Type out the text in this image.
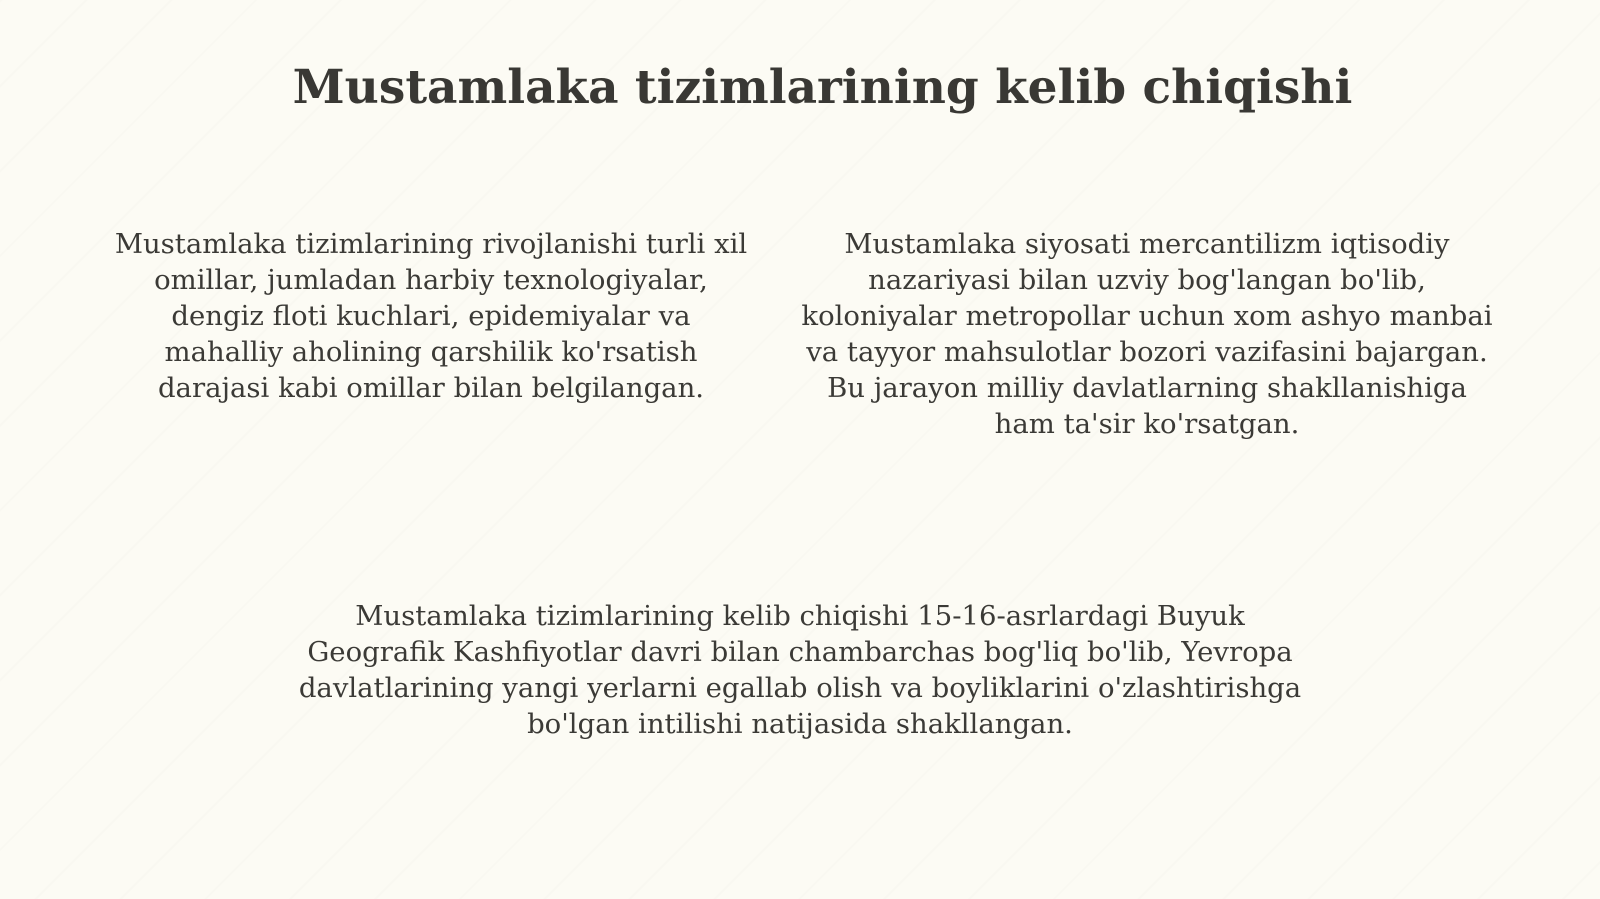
Mustamlaka tizimlarining kelib chiqishi

Mustamlaka tizimlarining rivojlanishi turli xil omillar, jumladan harbiy texnologiyalar, dengiz floti kuchlari, epidemiyalar va mahalliy aholining qarshilik ko'rsatish darajasi kabi omillar bilan belgilangan.

Mustamlaka siyosati mercantilizm iqtisodiy nazariyasi bilan uzviy bog'langan bo'lib, koloniyalar metropollar uchun xom ashyo manbai va tayyor mahsulotlar bozori vazifasini bajargan. Bu jarayon milliy davlatlarning shakllanishiga ham ta'sir ko'rsatgan.

Mustamlaka tizimlarining kelib chiqishi 15-16-asrlardagi Buyuk Geografik Kashfiyotlar davri bilan chambarchas bog'liq bo'lib, Yevropa davlatlarining yangi yerlarni egallab olish va boyliklarini o'zlashtirishga bo'lgan intilishi natijasida shakllangan.
